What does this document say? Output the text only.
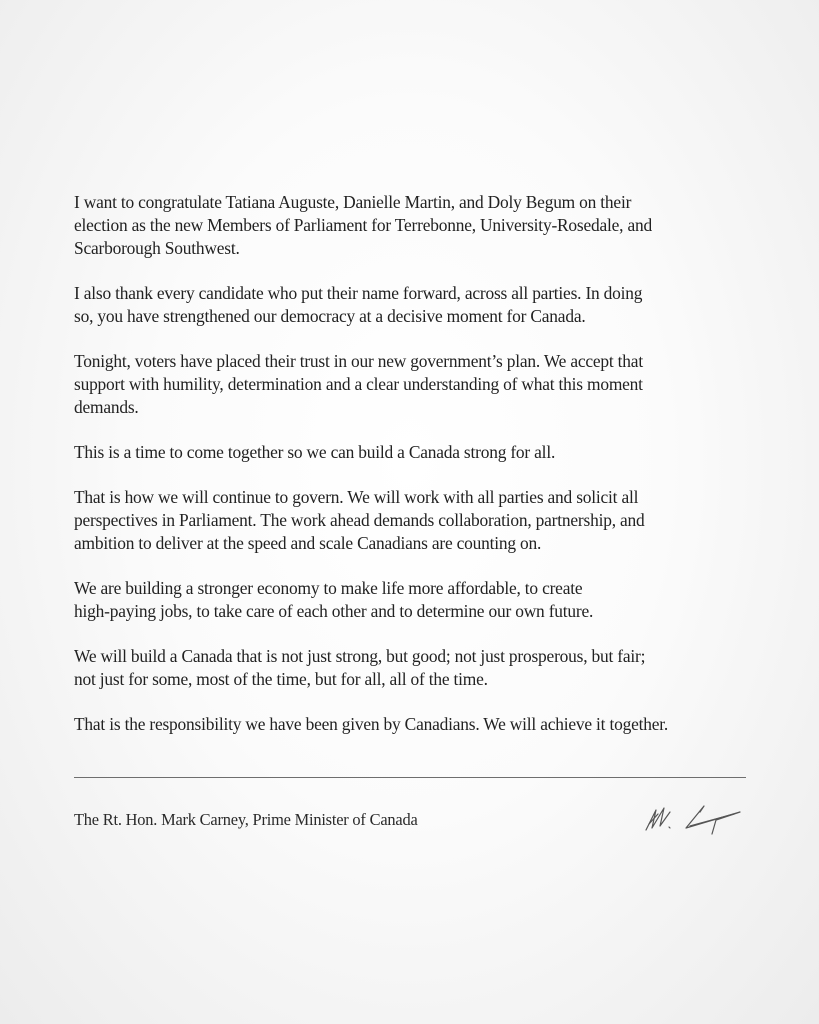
I want to congratulate Tatiana Auguste, Danielle Martin, and Doly Begum on their
election as the new Members of Parliament for Terrebonne, University-Rosedale, and
Scarborough Southwest.

I also thank every candidate who put their name forward, across all parties. In doing
so, you have strengthened our democracy at a decisive moment for Canada.

Tonight, voters have placed their trust in our new government’s plan. We accept that
support with humility, determination and a clear understanding of what this moment
demands.

This is a time to come together so we can build a Canada strong for all.

That is how we will continue to govern. We will work with all parties and solicit all
perspectives in Parliament. The work ahead demands collaboration, partnership, and
ambition to deliver at the speed and scale Canadians are counting on.

We are building a stronger economy to make life more affordable, to create
high-paying jobs, to take care of each other and to determine our own future.

We will build a Canada that is not just strong, but good; not just prosperous, but fair;
not just for some, most of the time, but for all, all of the time.

That is the responsibility we have been given by Canadians. We will achieve it together.

The Rt. Hon. Mark Carney, Prime Minister of Canada
